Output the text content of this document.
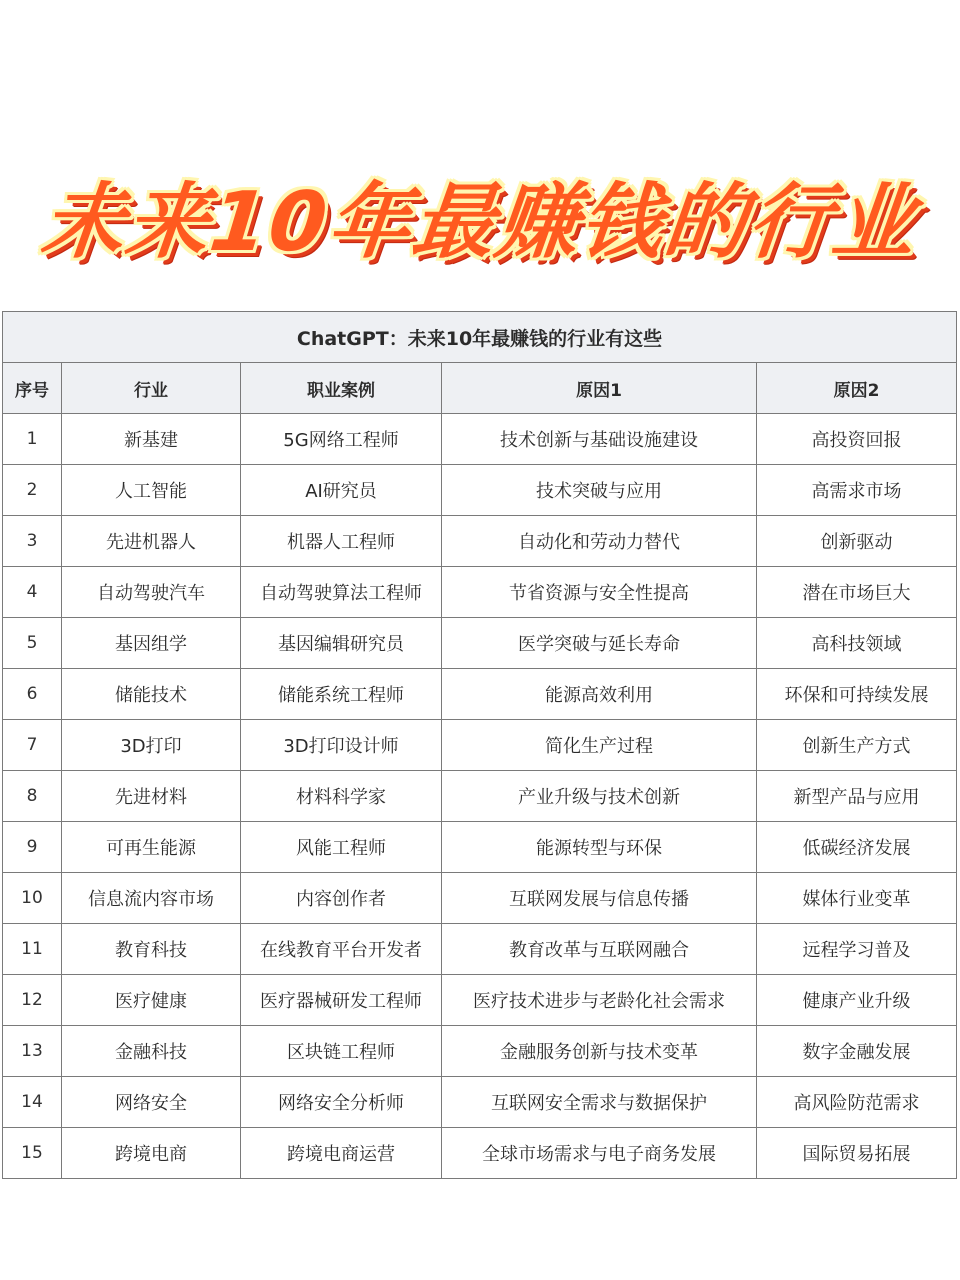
未来10年最赚钱的行业
ChatGPT：未来10年最赚钱的行业有这些				
序号	行业	职业案例	原因1	原因2
1	新基建	5G网络工程师	技术创新与基础设施建设	高投资回报
2	人工智能	AI研究员	技术突破与应用	高需求市场
3	先进机器人	机器人工程师	自动化和劳动力替代	创新驱动
4	自动驾驶汽车	自动驾驶算法工程师	节省资源与安全性提高	潜在市场巨大
5	基因组学	基因编辑研究员	医学突破与延长寿命	高科技领域
6	储能技术	储能系统工程师	能源高效利用	环保和可持续发展
7	3D打印	3D打印设计师	简化生产过程	创新生产方式
8	先进材料	材料科学家	产业升级与技术创新	新型产品与应用
9	可再生能源	风能工程师	能源转型与环保	低碳经济发展
10	信息流内容市场	内容创作者	互联网发展与信息传播	媒体行业变革
11	教育科技	在线教育平台开发者	教育改革与互联网融合	远程学习普及
12	医疗健康	医疗器械研发工程师	医疗技术进步与老龄化社会需求	健康产业升级
13	金融科技	区块链工程师	金融服务创新与技术变革	数字金融发展
14	网络安全	网络安全分析师	互联网安全需求与数据保护	高风险防范需求
15	跨境电商	跨境电商运营	全球市场需求与电子商务发展	国际贸易拓展
